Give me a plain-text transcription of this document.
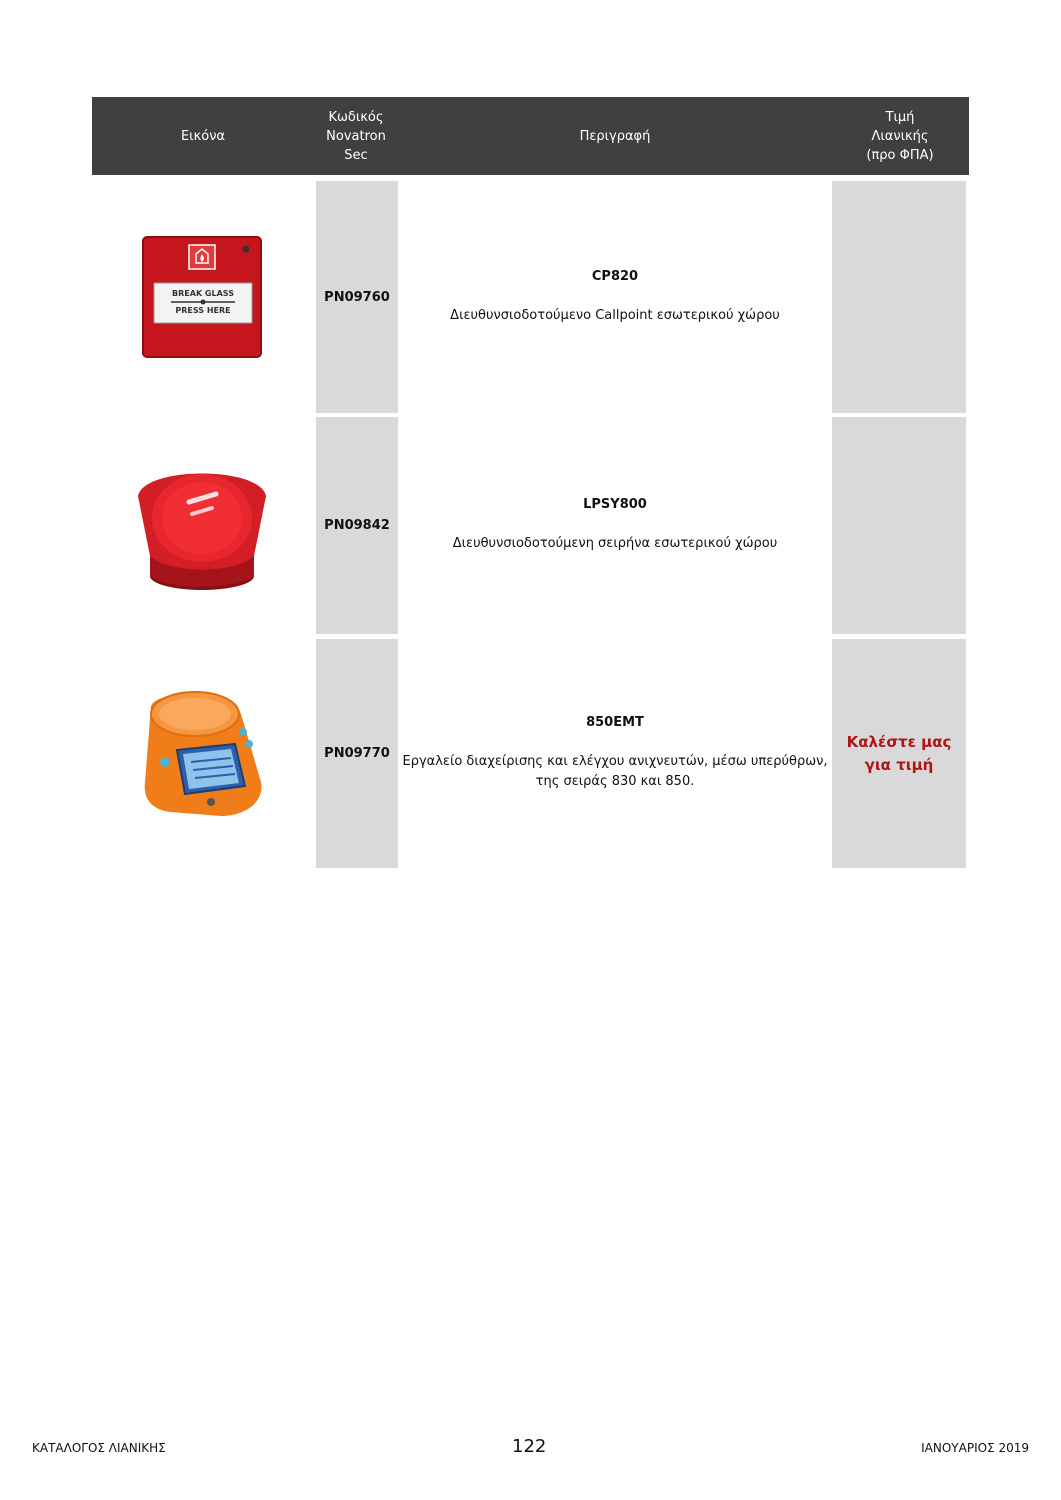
Εικόνα
Κωδικός
Novatron
Sec
Περιγραφή
Τιμή
Λιανικής
(προ ΦΠΑ)
BREAK GLASS
PRESS HERE
PN09760
CP820
Διευθυνσιοδοτούμενο Callpoint εσωτερικού χώρου
PN09842
LPSY800
Διευθυνσιοδοτούμενη σειρήνα εσωτερικού χώρου
PN09770
850EMT
Εργαλείο διαχείρισης και ελέγχου ανιχνευτών, μέσω υπερύθρων, της σειράς 830 και 850.
Καλέστε μας για τιμή
ΚΑΤΑΛΟΓΟΣ ΛΙΑΝΙΚΗΣ	122	ΙΑΝΟΥΑΡΙΟΣ 2019
